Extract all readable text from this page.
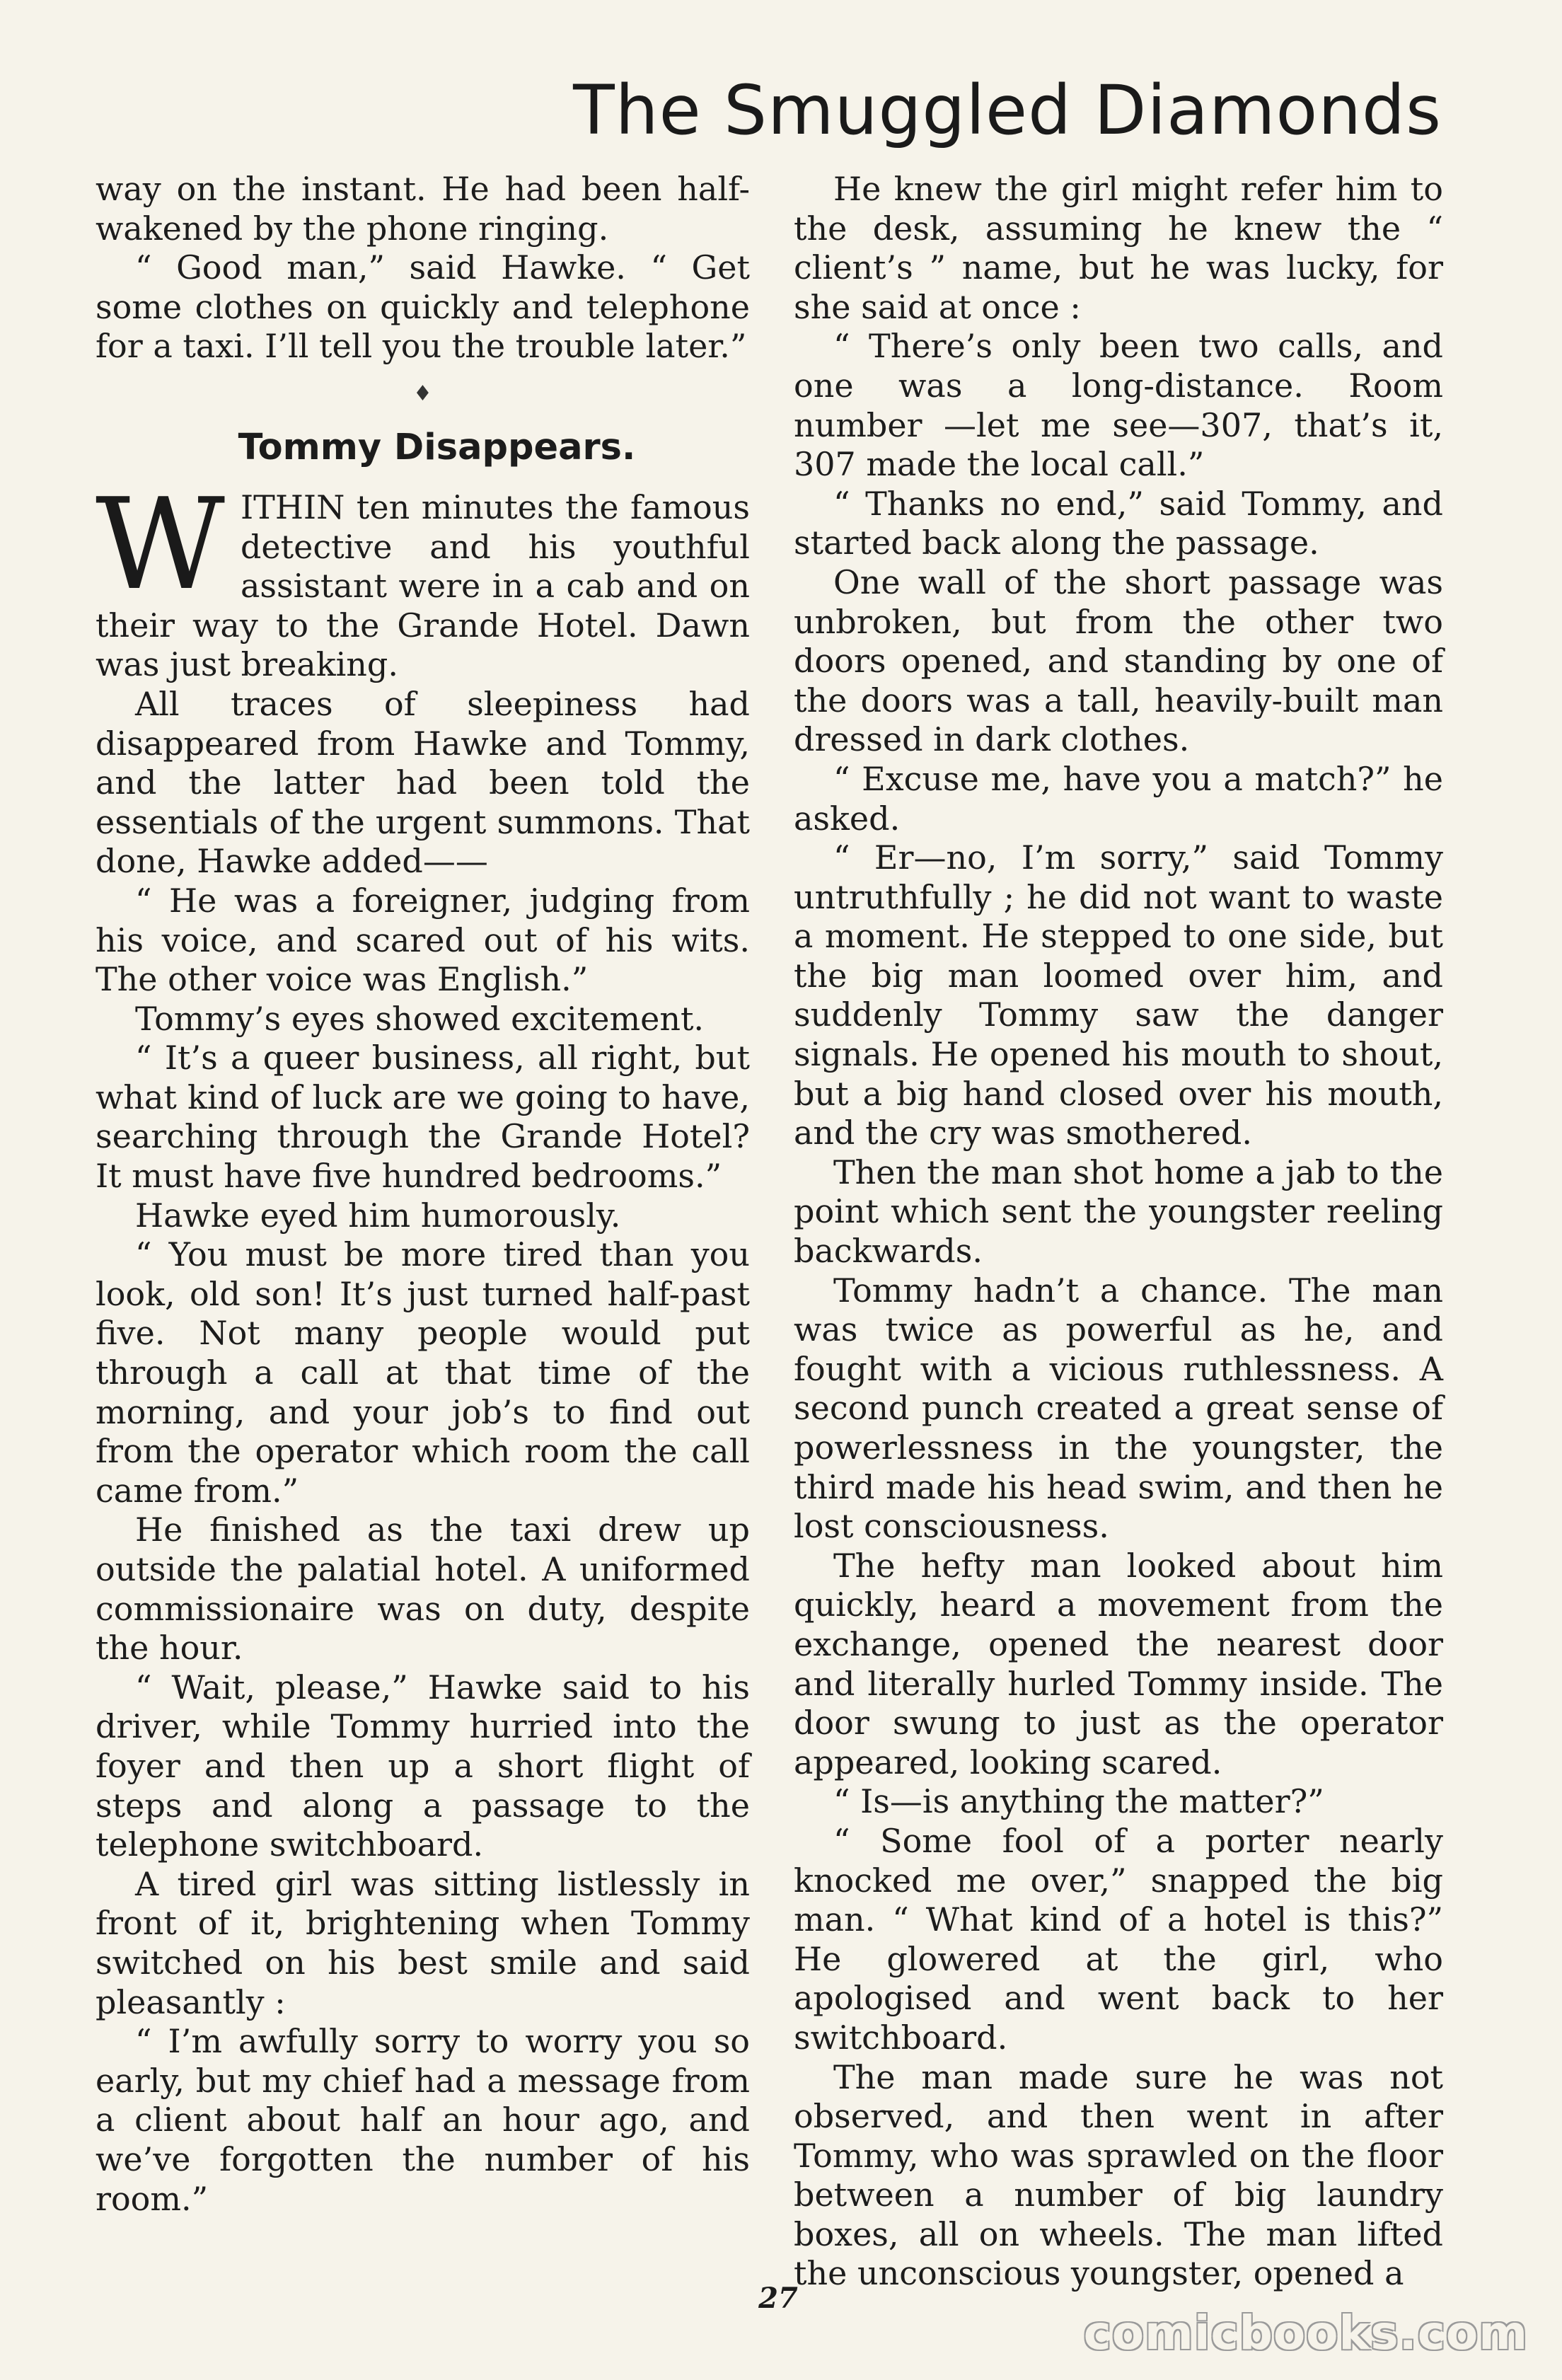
The Smuggled Diamonds

way on the instant. He had been half-wakened by the phone ringing.

“ Good man,” said Hawke. “ Get some clothes on quickly and telephone for a taxi. I’ll tell you the trouble later.”

♦
Tommy Disappears.

WITHIN ten minutes the famous detective and his youthful assistant were in a cab and on their way to the Grande Hotel. Dawn was just breaking.

All traces of sleepiness had disappeared from Hawke and Tommy, and the latter had been told the essentials of the urgent summons. That done, Hawke added——

“ He was a foreigner, judging from his voice, and scared out of his wits. The other voice was English.”

Tommy’s eyes showed excitement.

“ It’s a queer business, all right, but what kind of luck are we going to have, searching through the Grande Hotel? It must have five hundred bedrooms.”

Hawke eyed him humorously.

“ You must be more tired than you look, old son! It’s just turned half-past five. Not many people would put through a call at that time of the morning, and your job’s to find out from the operator which room the call came from.”

He finished as the taxi drew up outside the palatial hotel. A uniformed commissionaire was on duty, despite the hour.

“ Wait, please,” Hawke said to his driver, while Tommy hurried into the foyer and then up a short flight of steps and along a passage to the telephone switchboard.

A tired girl was sitting listlessly in front of it, brightening when Tommy switched on his best smile and said pleasantly :

“ I’m awfully sorry to worry you so early, but my chief had a message from a client about half an hour ago, and we’ve forgotten the number of his room.”

He knew the girl might refer him to the desk, assuming he knew the “ client’s ” name, but he was lucky, for she said at once :

“ There’s only been two calls, and one was a long-distance. Room number —let me see—307, that’s it, 307 made the local call.”

“ Thanks no end,” said Tommy, and started back along the passage.

One wall of the short passage was unbroken, but from the other two doors opened, and standing by one of the doors was a tall, heavily-built man dressed in dark clothes.

“ Excuse me, have you a match?” he asked.

“ Er—no, I’m sorry,” said Tommy untruthfully ; he did not want to waste a moment. He stepped to one side, but the big man loomed over him, and suddenly Tommy saw the danger signals. He opened his mouth to shout, but a big hand closed over his mouth, and the cry was smothered.

Then the man shot home a jab to the point which sent the youngster reeling backwards.

Tommy hadn’t a chance. The man was twice as powerful as he, and fought with a vicious ruthlessness. A second punch created a great sense of powerlessness in the youngster, the third made his head swim, and then he lost consciousness.

The hefty man looked about him quickly, heard a movement from the exchange, opened the nearest door and literally hurled Tommy inside. The door swung to just as the operator appeared, looking scared.

“ Is—is anything the matter?”

“ Some fool of a porter nearly knocked me over,” snapped the big man. “ What kind of a hotel is this?” He glowered at the girl, who apologised and went back to her switchboard.

The man made sure he was not observed, and then went in after Tommy, who was sprawled on the floor between a number of big laundry boxes, all on wheels. The man lifted the unconscious youngster, opened a

27
comicbooks.com
